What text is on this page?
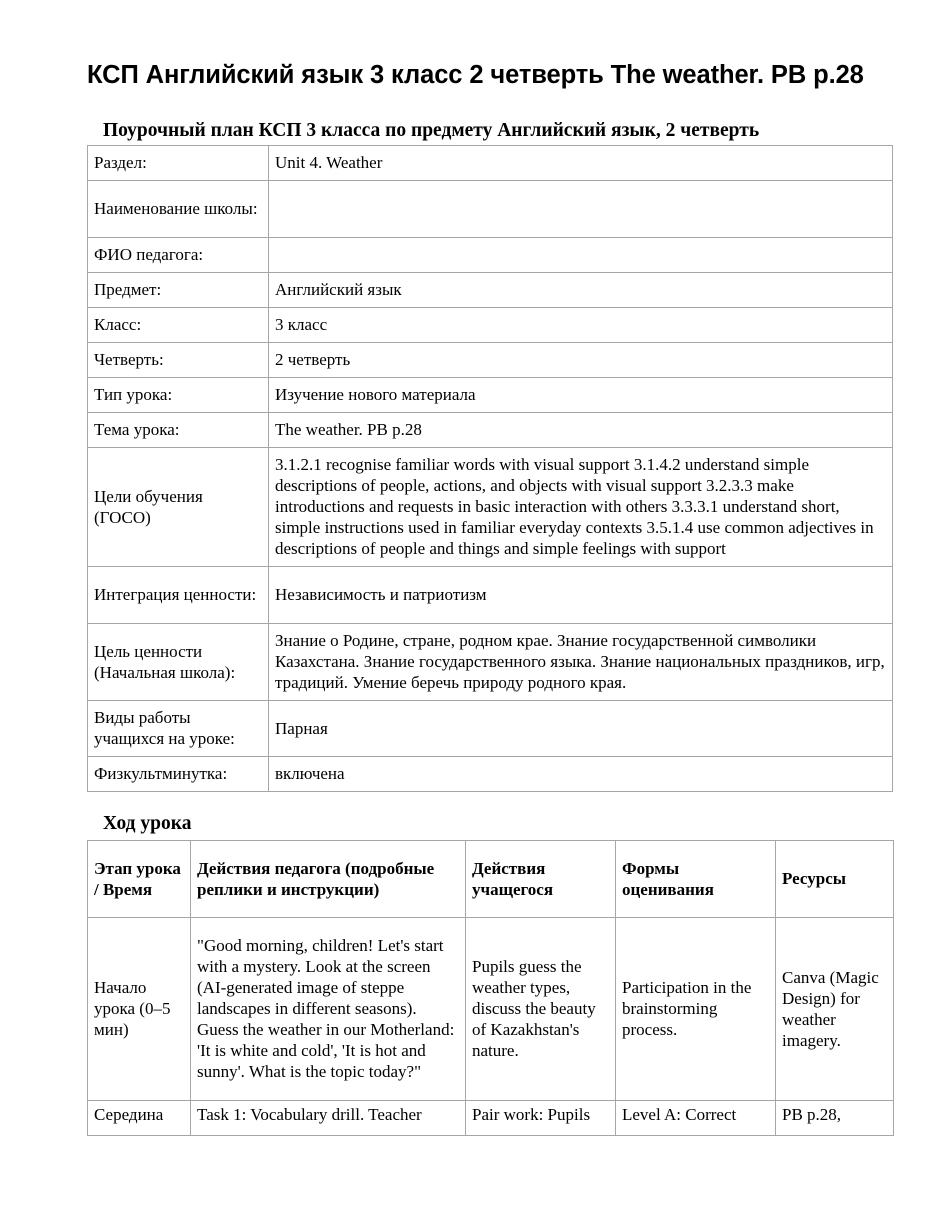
КСП Английский язык 3 класс 2 четверть The weather. PB p.28
Поурочный план КСП 3 класса по предмету Английский язык, 2 четверть
Раздел:	Unit 4. Weather
Наименование школы:	
ФИО педагога:	
Предмет:	Английский язык
Класс:	3 класс
Четверть:	2 четверть
Тип урока:	Изучение нового материала
Тема урока:	The weather. PB p.28
Цели обучения (ГОСО)	3.1.2.1 recognise familiar words with visual support 3.1.4.2 understand simple descriptions of people, actions, and objects with visual support 3.2.3.3 make introductions and requests in basic interaction with others 3.3.3.1 understand short, simple instructions used in familiar everyday contexts 3.5.1.4 use common adjectives in descriptions of people and things and simple feelings with support
Интеграция ценности:	Независимость и патриотизм
Цель ценности (Начальная школа):	Знание о Родине, стране, родном крае. Знание государственной символики Казахстана. Знание государственного языка. Знание национальных праздников, игр, традиций. Умение беречь природу родного края.
Виды работы учащихся на уроке:	Парная
Физкультминутка:	включена
Ход урока
Этап урока / Время	Действия педагога (подробные реплики и инструкции)	Действия учащегося	Формы оценивания	Ресурсы
Начало урока (0–5 мин)	"Good morning, children! Let's start with a mystery. Look at the screen (AI-generated image of steppe landscapes in different seasons). Guess the weather in our Motherland: 'It is white and cold', 'It is hot and sunny'. What is the topic today?"	Pupils guess the weather types, discuss the beauty of Kazakhstan's nature.	Participation in the brainstorming process.	Canva (Magic Design) for weather imagery.
Середина	Task 1: Vocabulary drill. Teacher	Pair work: Pupils	Level A: Correct	PB p.28,
